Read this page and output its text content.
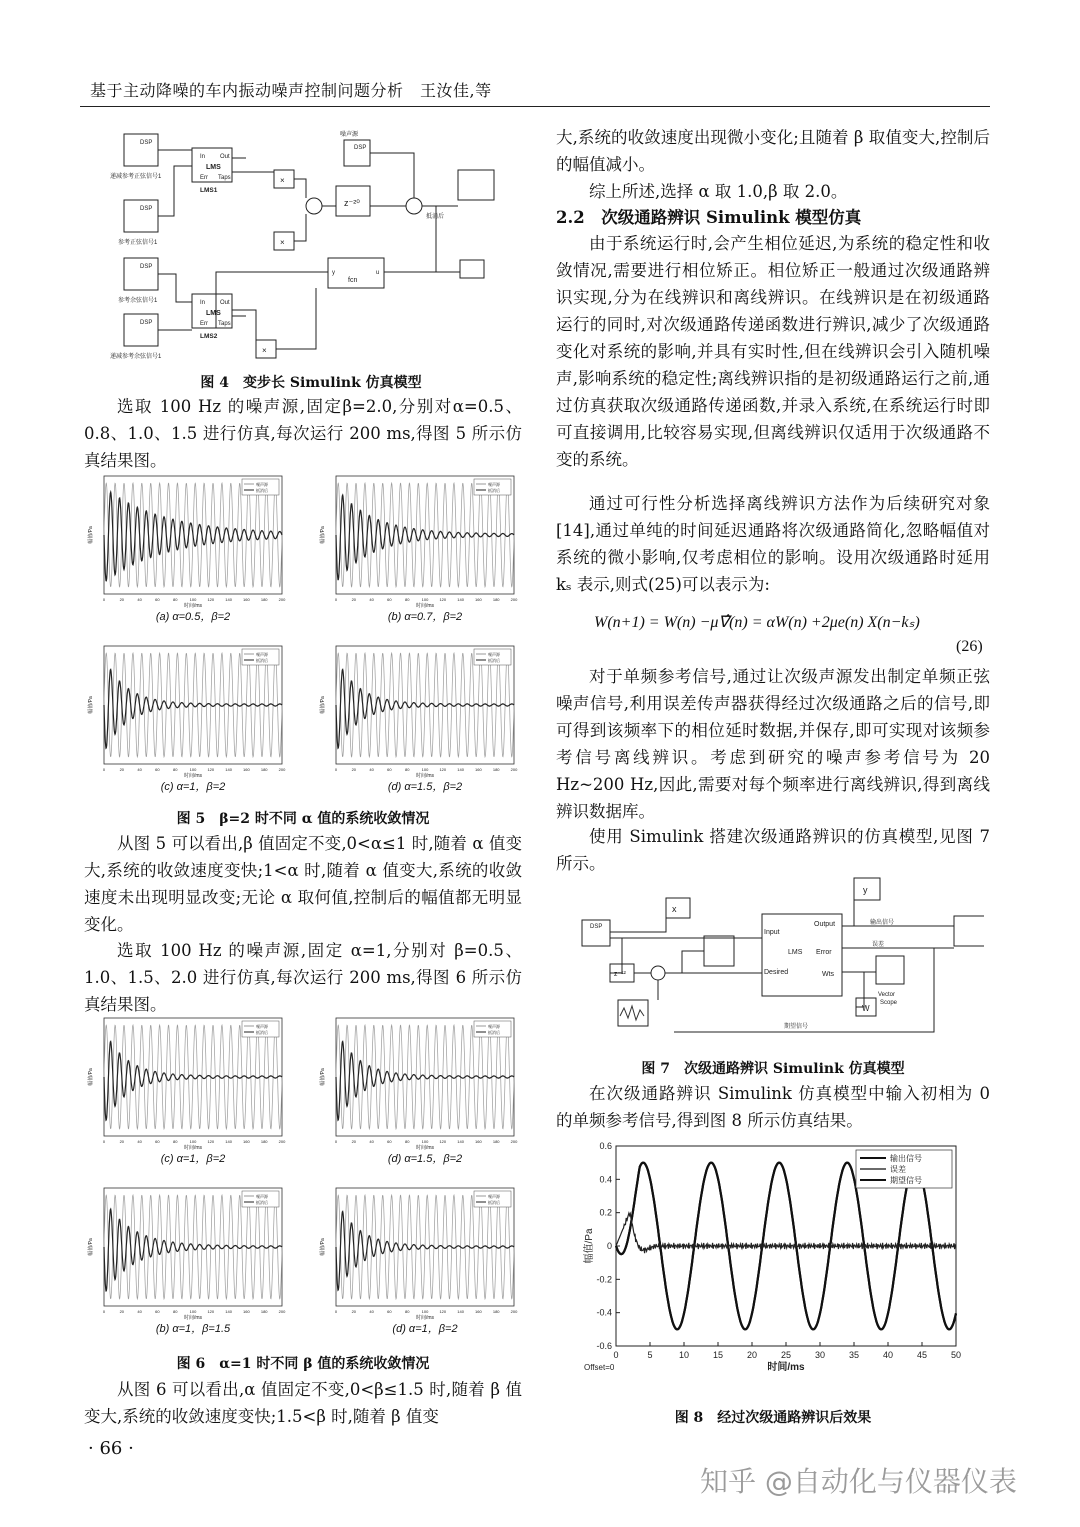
基于主动降噪的车内振动噪声控制问题分析　王汝佳,等
In Out
LMS
Err Taps
LMS1
In Out
LMS
Err Taps
LMS2
DSP
DSP
DSP
DSP
DSP
递减参考正弦信号1
参考正弦信号1
参考余弦信号1
递减参考余弦信号1
噪声源
z⁻²⁰
fcn
y	u
×
×
×
抵消后

图 4　变步长 Simulink 仿真模型

选取 100 Hz 的噪声源,固定β=2.0,分别对α=0.5、0.8、1.0、1.5 进行仿真,每次运行 200 ms,得图 5 所示仿真结果图。

噪声源
抵消后
0	20	40	60	80	100	120	140	160	180	200
时间/ms
幅值/Pa
(a) α=0.5，β=2
噪声源
抵消后
0	20	40	60	80	100	120	140	160	180	200
时间/ms
幅值/Pa
(b) α=0.7，β=2
噪声源
抵消后
0	20	40	60	80	100	120	140	160	180	200
时间/ms
幅值/Pa
(c) α=1，β=2
噪声源
抵消后
0	20	40	60	80	100	120	140	160	180	200
时间/ms
幅值/Pa
(d) α=1.5，β=2

图 5　β=2 时不同 α 值的系统收敛情况

从图 5 可以看出,β 值固定不变,0<α≤1 时,随着 α 值变大,系统的收敛速度变快;1<α 时,随着 α 值变大,系统的收敛速度未出现明显改变;无论 α 取何值,控制后的幅值都无明显变化。

选取 100 Hz 的噪声源,固定 α=1,分别对 β=0.5、1.0、1.5、2.0 进行仿真,每次运行 200 ms,得图 6 所示仿真结果图。

噪声源
抵消后
0	20	40	60	80	100	120	140	160	180	200
时间/ms
幅值/Pa
(c) α=1，β=2
噪声源
抵消后
0	20	40	60	80	100	120	140	160	180	200
时间/ms
幅值/Pa
(d) α=1.5，β=2
噪声源
抵消后
0	20	40	60	80	100	120	140	160	180	200
时间/ms
幅值/Pa
(b) α=1，β=1.5
噪声源
抵消后
0	20	40	60	80	100	120	140	160	180	200
时间/ms
幅值/Pa
(d) α=1，β=2

图 6　α=1 时不同 β 值的系统收敛情况

从图 6 可以看出,α 值固定不变,0<β≤1.5 时,随着 β 值变大,系统的收敛速度变快;1.5<β 时,随着 β 值变

· 66 ·

大,系统的收敛速度出现微小变化;且随着 β 取值变大,控制后的幅值减小。

综上所述,选择 α 取 1.0,β 取 2.0。

2.2　次级通路辨识 Simulink 模型仿真

由于系统运行时,会产生相位延迟,为系统的稳定性和收敛情况,需要进行相位矫正。相位矫正一般通过次级通路辨识实现,分为在线辨识和离线辨识。在线辨识是在初级通路运行的同时,对次级通路传递函数进行辨识,减少了次级通路变化对系统的影响,并具有实时性,但在线辨识会引入随机噪声,影响系统的稳定性;离线辨识指的是初级通路运行之前,通过仿真获取次级通路传递函数,并录入系统,在系统运行时即可直接调用,比较容易实现,但离线辨识仅适用于次级通路不变的系统。

通过可行性分析选择离线辨识方法作为后续研究对象[14],通过单纯的时间延迟通路将次级通路简化,忽略幅值对系统的微小影响,仅考虑相位的影响。设用次级通路时延用 kₛ 表示,则式(25)可以表示为:

W(n+1) = W(n) −μ∇̂(n) = αW(n) +2μe(n) X(n−kₛ)
(26)

对于单频参考信号,通过让次级声源发出制定单频正弦噪声信号,利用误差传声器获得经过次级通路之后的信号,即可得到该频率下的相位延时数据,并保存,即可实现对该频参考信号离线辨识。考虑到研究的噪声参考信号为 20 Hz~200 Hz,因此,需要对每个频率进行离线辨识,得到离线辨识数据库。

使用 Simulink 搭建次级通路辨识的仿真模型,见图 7 所示。

x
y
W
Input
Output
LMS Error
Desired	Wts
z⁻¹²
Vector
Scope
输出信号
误差
期望信号
DSP

图 7　次级通路辨识 Simulink 仿真模型

在次级通路辨识 Simulink 仿真模型中输入初相为 0 的单频参考信号,得到图 8 所示仿真结果。

0	5	10	15	20	25	30	35	40	45	50
-0.6
-0.4
-0.2
0
0.2
0.4
0.6
时间/ms
幅值/Pa
Offset=0
输出信号
误差
期望信号

图 8　经过次级通路辨识后效果

知乎 @自动化与仪器仪表
